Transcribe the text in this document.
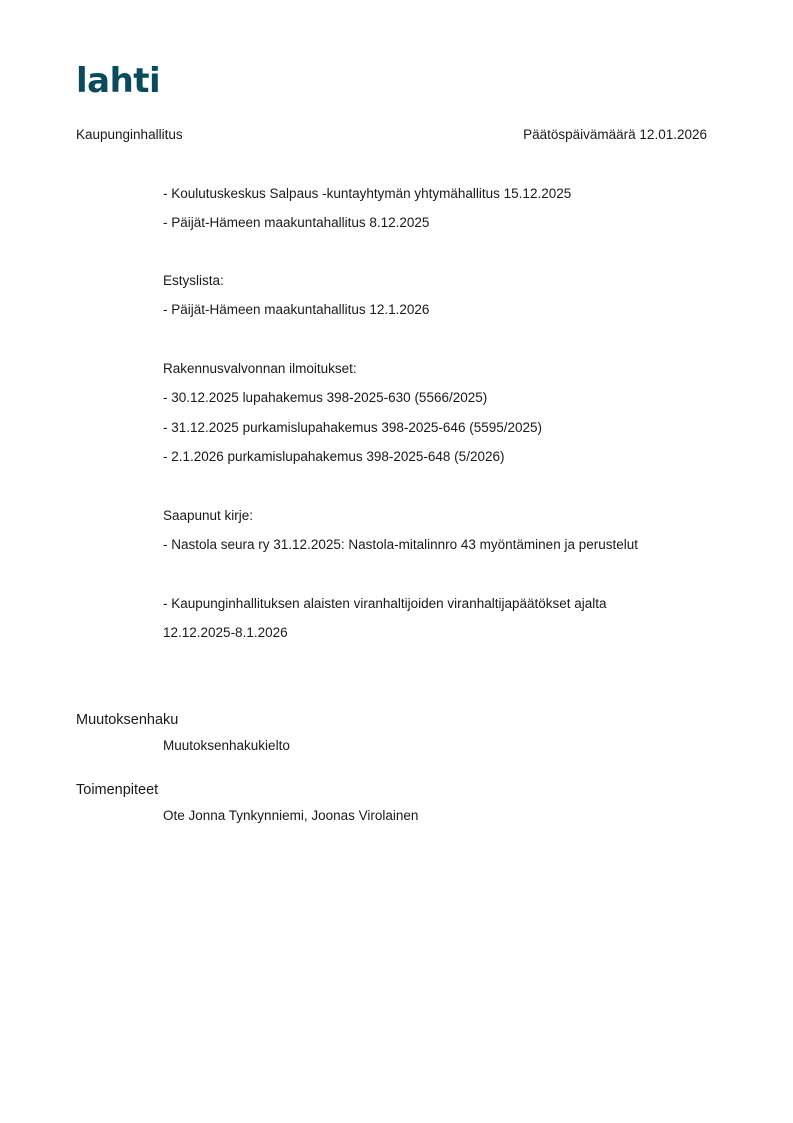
lahti
Kaupunginhallitus	Päätöspäivämäärä 12.01.2026
- Koulutuskeskus Salpaus -kuntayhtymän yhtymähallitus 15.12.2025
- Päijät-Hämeen maakuntahallitus 8.12.2025
Estyslista:
- Päijät-Hämeen maakuntahallitus 12.1.2026
Rakennusvalvonnan ilmoitukset:
- 30.12.2025 lupahakemus 398-2025-630 (5566/2025)
- 31.12.2025 purkamislupahakemus 398-2025-646 (5595/2025)
- 2.1.2026 purkamislupahakemus 398-2025-648 (5/2026)
Saapunut kirje:
- Nastola seura ry 31.12.2025: Nastola-mitalinnro 43 myöntäminen ja perustelut
- Kaupunginhallituksen alaisten viranhaltijoiden viranhaltijapäätökset ajalta
12.12.2025-8.1.2026
Muutoksenhaku
Muutoksenhakukielto
Toimenpiteet
Ote Jonna Tynkynniemi, Joonas Virolainen
